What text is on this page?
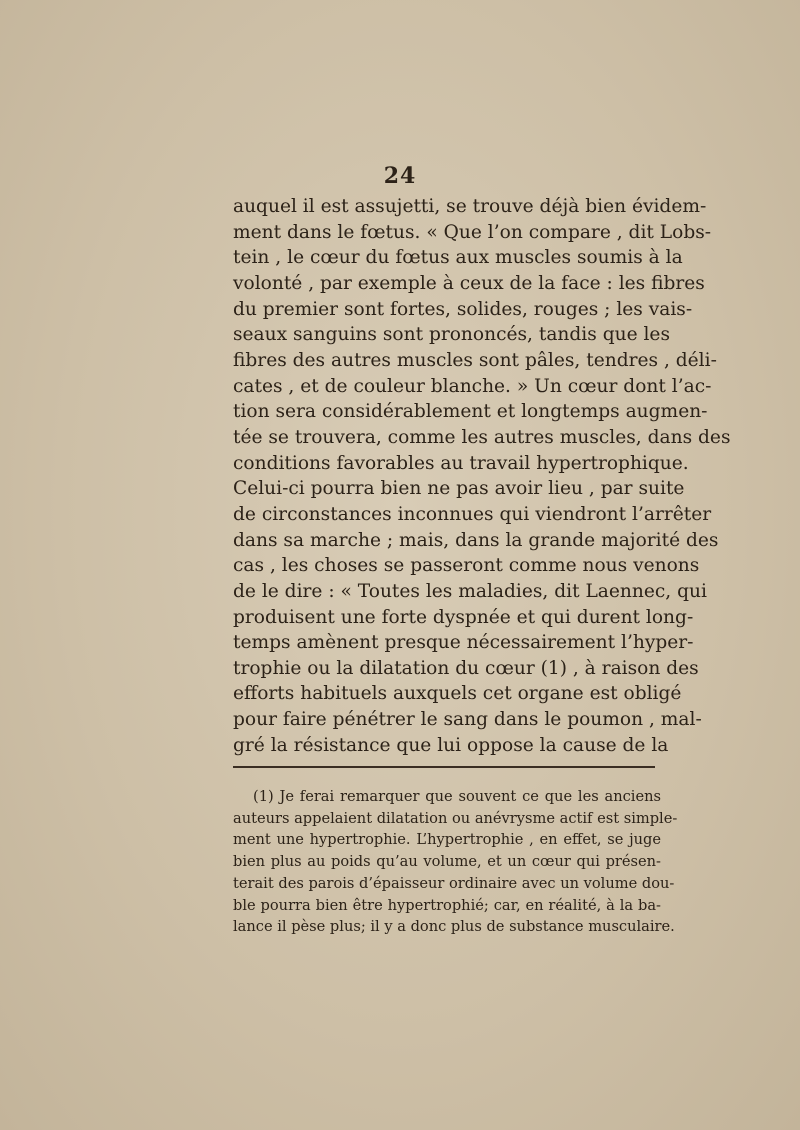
24
auquel il est assujetti, se trouve déjà bien évidem-
ment dans le fœtus. « Que l’on compare , dit Lobs-
tein , le cœur du fœtus aux muscles soumis à la
volonté , par exemple à ceux de la face : les fibres
du premier sont fortes, solides, rouges ; les vais-
seaux sanguins sont prononcés, tandis que les
fibres des autres muscles sont pâles, tendres , déli-
cates , et de couleur blanche. » Un cœur dont l’ac-
tion sera considérablement et longtemps augmen-
tée se trouvera, comme les autres muscles, dans des
conditions favorables au travail hypertrophique.
Celui-ci pourra bien ne pas avoir lieu , par suite
de circonstances inconnues qui viendront l’arrêter
dans sa marche ; mais, dans la grande majorité des
cas , les choses se passeront comme nous venons
de le dire : « Toutes les maladies, dit Laennec, qui
produisent une forte dyspnée et qui durent long-
temps amènent presque nécessairement l’hyper-
trophie ou la dilatation du cœur (1) , à raison des
efforts habituels auxquels cet organe est obligé
pour faire pénétrer le sang dans le poumon , mal-
gré la résistance que lui oppose la cause de la
(1) Je ferai remarquer que souvent ce que les anciens
auteurs appelaient dilatation ou anévrysme actif est simple-
ment une hypertrophie. L’hypertrophie , en effet, se juge
bien plus au poids qu’au volume, et un cœur qui présen-
terait des parois d’épaisseur ordinaire avec un volume dou-
ble pourra bien être hypertrophié; car, en réalité, à la ba-
lance il pèse plus; il y a donc plus de substance musculaire.
